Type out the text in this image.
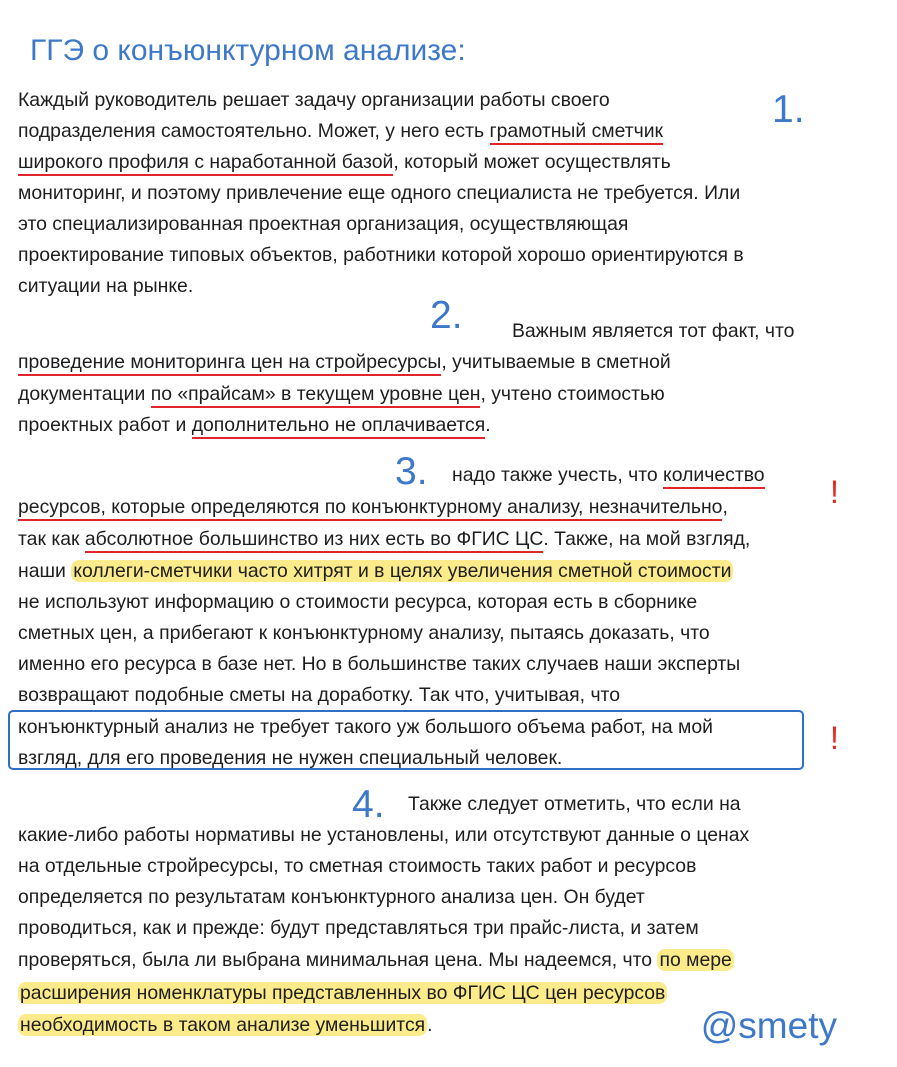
ГГЭ о конъюнктурном анализе:
1.
2.
3.
4.
!
!
Каждый руководитель решает задачу организации работы своего
подразделения самостоятельно. Может, у него есть грамотный сметчик
широкого профиля с наработанной базой, который может осуществлять
мониторинг, и поэтому привлечение еще одного специалиста не требуется. Или
это специализированная проектная организация, осуществляющая
проектирование типовых объектов, работники которой хорошо ориентируются в
ситуации на рынке.
Важным является тот факт, что
проведение мониторинга цен на стройресурсы, учитываемые в сметной
документации по «прайсам» в текущем уровне цен, учтено стоимостью
проектных работ и дополнительно не оплачивается.
надо также учесть, что количество
ресурсов, которые определяются по конъюнктурному анализу, незначительно,
так как абсолютное большинство из них есть во ФГИС ЦС. Также, на мой взгляд,
наши коллеги-сметчики часто хитрят и в целях увеличения сметной стоимости
не используют информацию о стоимости ресурса, которая есть в сборнике
сметных цен, а прибегают к конъюнктурному анализу, пытаясь доказать, что
именно его ресурса в базе нет. Но в большинстве таких случаев наши эксперты
возвращают подобные сметы на доработку. Так что, учитывая, что
конъюнктурный анализ не требует такого уж большого объема работ, на мой
взгляд, для его проведения не нужен специальный человек.
Также следует отметить, что если на
какие-либо работы нормативы не установлены, или отсутствуют данные о ценах
на отдельные стройресурсы, то сметная стоимость таких работ и ресурсов
определяется по результатам конъюнктурного анализа цен. Он будет
проводиться, как и прежде: будут представляться три прайс-листа, и затем
проверяться, была ли выбрана минимальная цена. Мы надеемся, что по мере
расширения номенклатуры представленных во ФГИС ЦС цен ресурсов
необходимость в таком анализе уменьшится .	@smety
